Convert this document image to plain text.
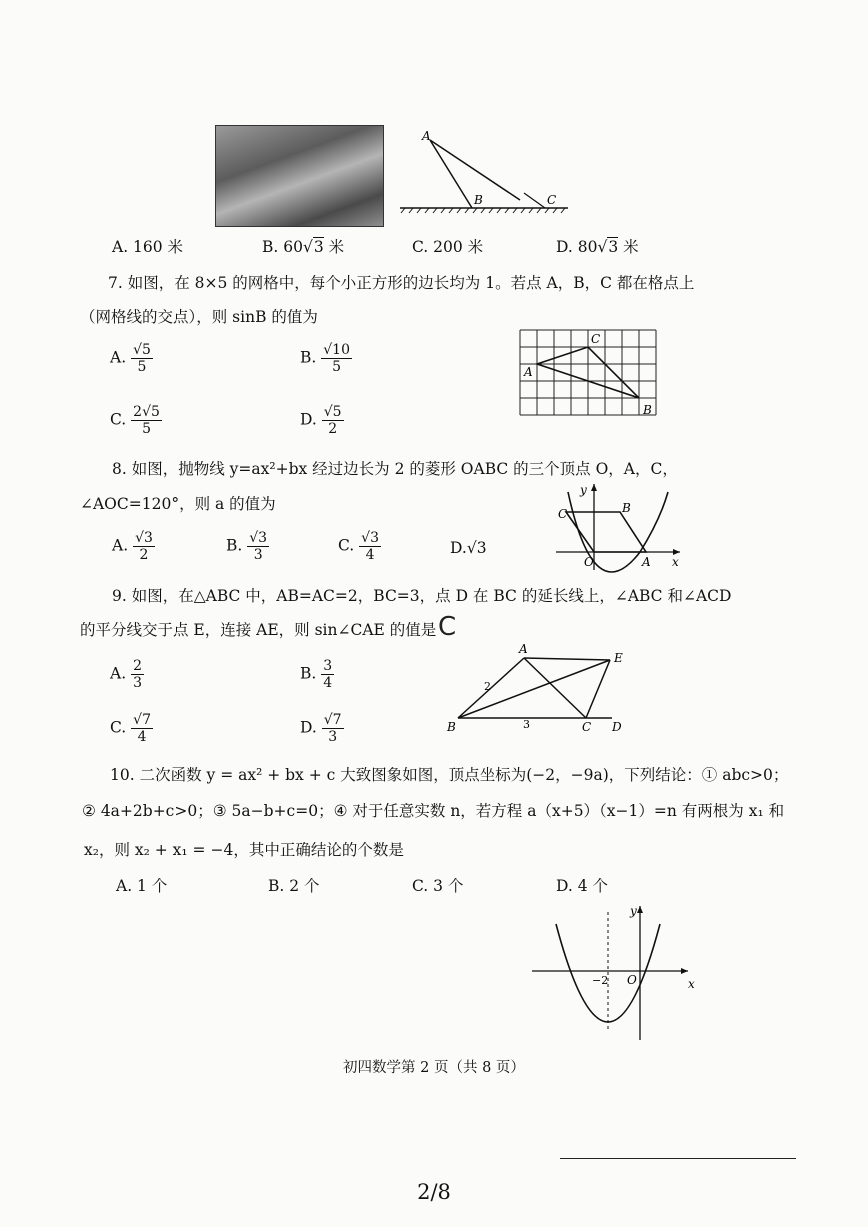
A
B	C
A. 160 米	B. 60√3 米	C. 200 米	D. 80√3 米
7. 如图，在 8×5 的网格中，每个小正方形的边长均为 1。若点 A，B，C 都在格点上
（网格线的交点），则 sinB 的值为
A. $\frac{√5}{5}$	B. $\frac{√10}{5}$
C. $\frac{2√5}{5}$	D. $\frac{√5}{2}$
C
A
B
8. 如图，抛物线 y=ax²+bx 经过边长为 2 的菱形 OABC 的三个顶点 O，A，C，
∠AOC=120°，则 a 的值为
A. $\frac{√3}{2}$	B. $\frac{√3}{3}$	C. $\frac{√3}{4}$	D.√3
y
C	B
O	A x
9. 如图，在△ABC 中，AB=AC=2，BC=3，点 D 在 BC 的延长线上，∠ABC 和∠ACD
的平分线交于点 E，连接 AE，则 sin∠CAE 的值是 C
A. $\frac{2}{3}$	B. $\frac{3}{4}$
C. $\frac{√7}{4}$	D. $\frac{√7}{3}$
A
E
2
B	3	C D
10. 二次函数 y = ax² + bx + c 大致图象如图，顶点坐标为(−2，−9a)，下列结论：① abc>0；
② 4a+2b+c>0；③ 5a−b+c=0；④ 对于任意实数 n，若方程 a（x+5）（x−1）=n 有两根为 x₁ 和
x₂，则 x₂ + x₁ = −4，其中正确结论的个数是
A. 1 个	B. 2 个	C. 3 个	D. 4 个
y
−2 O	x
初四数学第 2 页（共 8 页）
2/8
